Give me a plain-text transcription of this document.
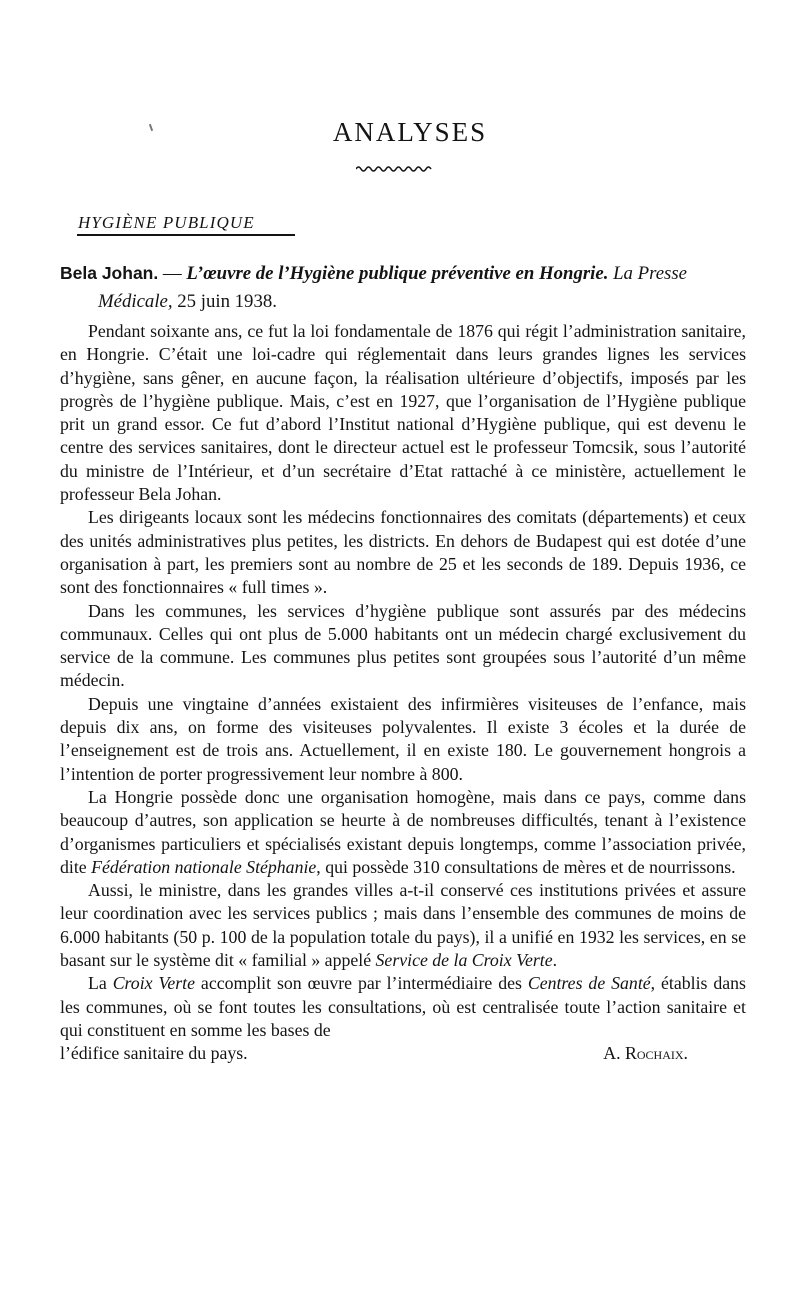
ANALYSES
HYGIÈNE PUBLIQUE
Bela Johan. — L’œuvre de l’Hygiène publique préventive en Hongrie. La Presse Médicale, 25 juin 1938.

Pendant soixante ans, ce fut la loi fondamentale de 1876 qui régit l’administration sanitaire, en Hongrie. C’était une loi-cadre qui réglementait dans leurs grandes lignes les services d’hygiène, sans gêner, en aucune façon, la réalisation ultérieure d’objectifs, imposés par les progrès de l’hygiène publique. Mais, c’est en 1927, que l’organisation de l’Hygiène publique prit un grand essor. Ce fut d’abord l’Institut national d’Hygiène publique, qui est devenu le centre des services sanitaires, dont le directeur actuel est le professeur Tomcsik, sous l’autorité du ministre de l’Intérieur, et d’un secrétaire d’Etat rattaché à ce ministère, actuellement le professeur Bela Johan.

Les dirigeants locaux sont les médecins fonctionnaires des comitats (départements) et ceux des unités administratives plus petites, les districts. En dehors de Budapest qui est dotée d’une organisation à part, les premiers sont au nombre de 25 et les seconds de 189. Depuis 1936, ce sont des fonctionnaires « full times ».

Dans les communes, les services d’hygiène publique sont assurés par des médecins communaux. Celles qui ont plus de 5.000 habitants ont un médecin chargé exclusivement du service de la commune. Les communes plus petites sont groupées sous l’autorité d’un même médecin.

Depuis une vingtaine d’années existaient des infirmières visiteuses de l’enfance, mais depuis dix ans, on forme des visiteuses polyvalentes. Il existe 3 écoles et la durée de l’enseignement est de trois ans. Actuellement, il en existe 180. Le gouvernement hongrois a l’intention de porter progressivement leur nombre à 800.

La Hongrie possède donc une organisation homogène, mais dans ce pays, comme dans beaucoup d’autres, son application se heurte à de nombreuses difficultés, tenant à l’existence d’organismes particuliers et spécialisés existant depuis longtemps, comme l’association privée, dite Fédération nationale Stéphanie, qui possède 310 consultations de mères et de nourrissons.

Aussi, le ministre, dans les grandes villes a-t-il conservé ces institutions privées et assure leur coordination avec les services publics ; mais dans l’ensemble des communes de moins de 6.000 habitants (50 p. 100 de la population totale du pays), il a unifié en 1932 les services, en se basant sur le système dit « familial » appelé Service de la Croix Verte.

La Croix Verte accomplit son œuvre par l’intermédiaire des Centres de Santé, établis dans les communes, où se font toutes les consultations, où est centralisée toute l’action sanitaire et qui constituent en somme les bases de

l’édifice sanitaire du pays.	A. Rochaix.
